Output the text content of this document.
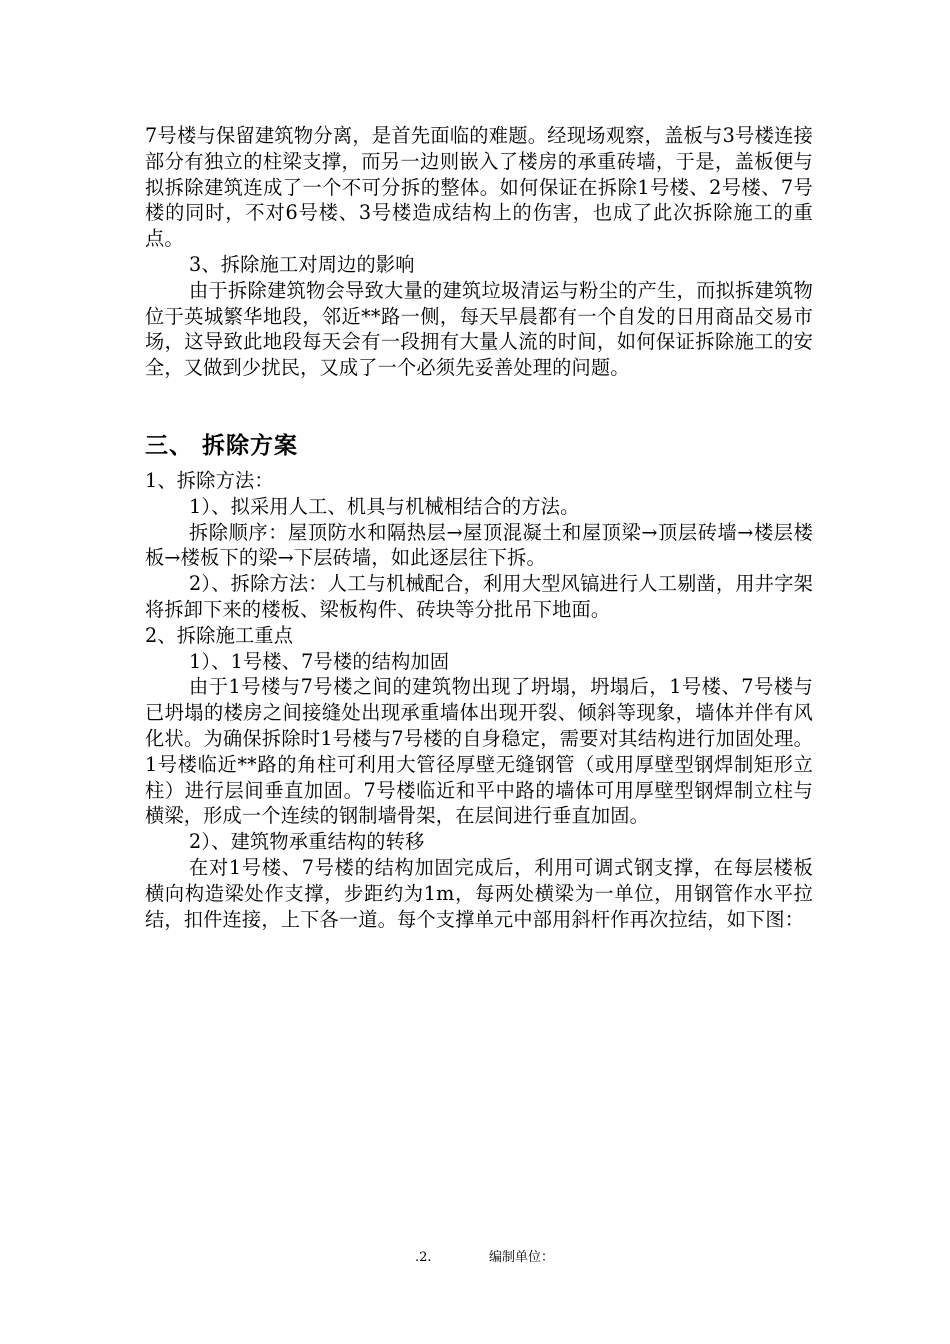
7号楼与保留建筑物分离，是首先面临的难题。经现场观察，盖板与3号楼连接部分有独立的柱梁支撑，而另一边则嵌入了楼房的承重砖墙，于是，盖板便与拟拆除建筑连成了一个不可分拆的整体。如何保证在拆除1号楼、2号楼、7号楼的同时，不对6号楼、3号楼造成结构上的伤害，也成了此次拆除施工的重点。

3、拆除施工对周边的影响

由于拆除建筑物会导致大量的建筑垃圾清运与粉尘的产生，而拟拆建筑物位于英城繁华地段，邻近**路一侧，每天早晨都有一个自发的日用商品交易市场，这导致此地段每天会有一段拥有大量人流的时间，如何保证拆除施工的安全，又做到少扰民，又成了一个必须先妥善处理的问题。

三、 拆除方案

1、拆除方法：

1）、拟采用人工、机具与机械相结合的方法。

拆除顺序：屋顶防水和隔热层→屋顶混凝土和屋顶梁→顶层砖墙→楼层楼板→楼板下的梁→下层砖墙，如此逐层往下拆。

2）、拆除方法：人工与机械配合，利用大型风镐进行人工剔凿，用井字架将拆卸下来的楼板、梁板构件、砖块等分批吊下地面。

2、拆除施工重点

1）、1号楼、7号楼的结构加固

由于1号楼与7号楼之间的建筑物出现了坍塌，坍塌后，1号楼、7号楼与已坍塌的楼房之间接缝处出现承重墙体出现开裂、倾斜等现象，墙体并伴有风化状。为确保拆除时1号楼与7号楼的自身稳定，需要对其结构进行加固处理。1号楼临近**路的角柱可利用大管径厚壁无缝钢管（或用厚壁型钢焊制矩形立柱）进行层间垂直加固。7号楼临近和平中路的墙体可用厚壁型钢焊制立柱与横梁，形成一个连续的钢制墙骨架，在层间进行垂直加固。

2）、建筑物承重结构的转移

在对1号楼、7号楼的结构加固完成后，利用可调式钢支撑，在每层楼板横向构造梁处作支撑，步距约为1m，每两处横梁为一单位，用钢管作水平拉结，扣件连接，上下各一道。每个支撑单元中部用斜杆作再次拉结，如下图：

.2.	编制单位：
